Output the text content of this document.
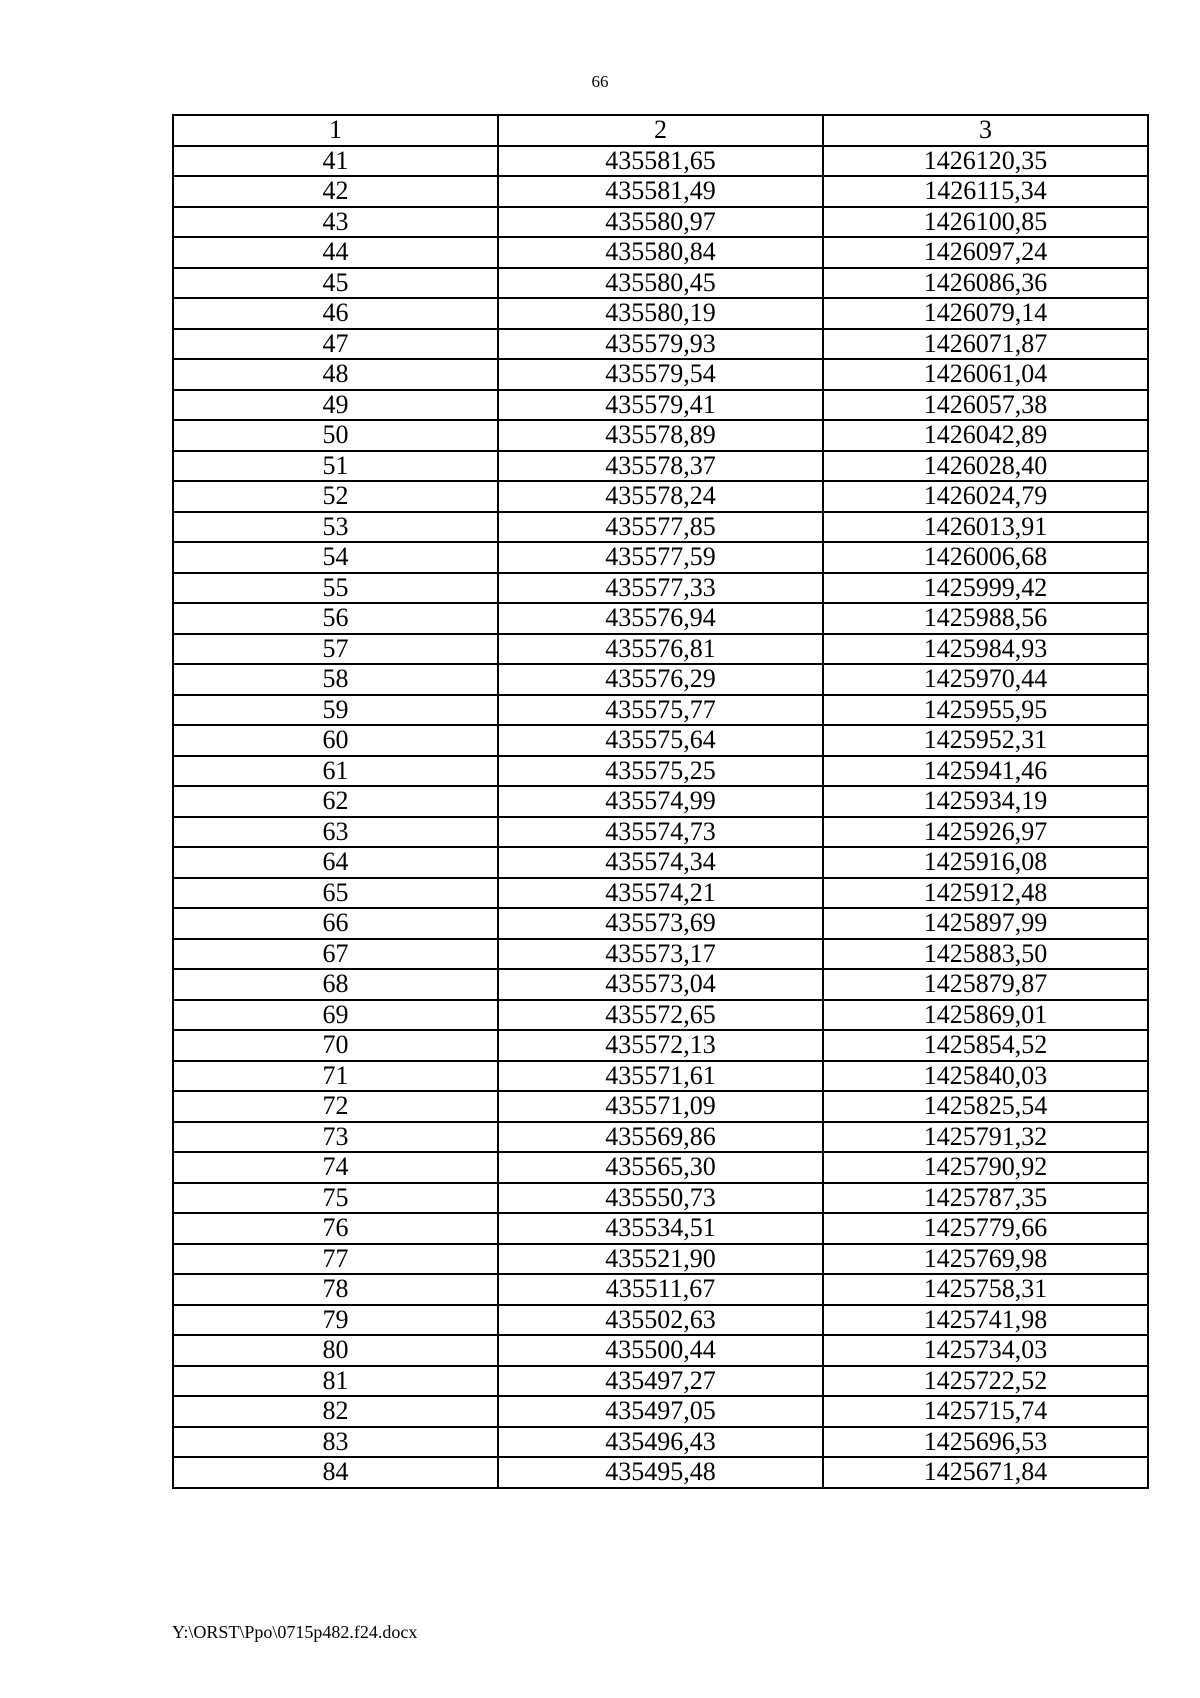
66
1	2	3
41	435581,65	1426120,35
42	435581,49	1426115,34
43	435580,97	1426100,85
44	435580,84	1426097,24
45	435580,45	1426086,36
46	435580,19	1426079,14
47	435579,93	1426071,87
48	435579,54	1426061,04
49	435579,41	1426057,38
50	435578,89	1426042,89
51	435578,37	1426028,40
52	435578,24	1426024,79
53	435577,85	1426013,91
54	435577,59	1426006,68
55	435577,33	1425999,42
56	435576,94	1425988,56
57	435576,81	1425984,93
58	435576,29	1425970,44
59	435575,77	1425955,95
60	435575,64	1425952,31
61	435575,25	1425941,46
62	435574,99	1425934,19
63	435574,73	1425926,97
64	435574,34	1425916,08
65	435574,21	1425912,48
66	435573,69	1425897,99
67	435573,17	1425883,50
68	435573,04	1425879,87
69	435572,65	1425869,01
70	435572,13	1425854,52
71	435571,61	1425840,03
72	435571,09	1425825,54
73	435569,86	1425791,32
74	435565,30	1425790,92
75	435550,73	1425787,35
76	435534,51	1425779,66
77	435521,90	1425769,98
78	435511,67	1425758,31
79	435502,63	1425741,98
80	435500,44	1425734,03
81	435497,27	1425722,52
82	435497,05	1425715,74
83	435496,43	1425696,53
84	435495,48	1425671,84
Y:\ORST\Ppo\0715p482.f24.docx
